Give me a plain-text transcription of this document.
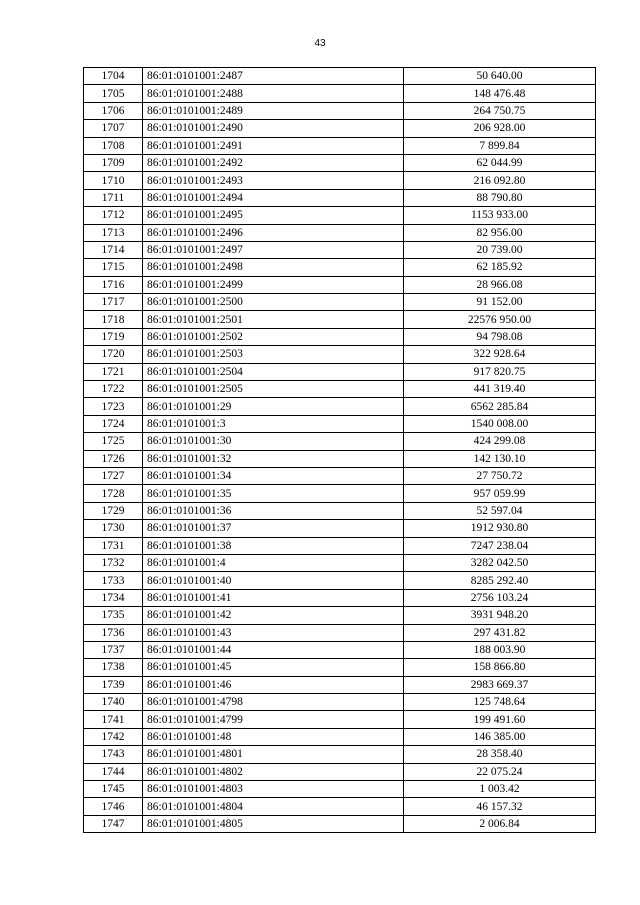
43
1704	86:01:0101001:2487	50 640.00
1705	86:01:0101001:2488	148 476.48
1706	86:01:0101001:2489	264 750.75
1707	86:01:0101001:2490	206 928.00
1708	86:01:0101001:2491	7 899.84
1709	86:01:0101001:2492	62 044.99
1710	86:01:0101001:2493	216 092.80
1711	86:01:0101001:2494	88 790.80
1712	86:01:0101001:2495	1153 933.00
1713	86:01:0101001:2496	82 956.00
1714	86:01:0101001:2497	20 739.00
1715	86:01:0101001:2498	62 185.92
1716	86:01:0101001:2499	28 966.08
1717	86:01:0101001:2500	91 152.00
1718	86:01:0101001:2501	22576 950.00
1719	86:01:0101001:2502	94 798.08
1720	86:01:0101001:2503	322 928.64
1721	86:01:0101001:2504	917 820.75
1722	86:01:0101001:2505	441 319.40
1723	86:01:0101001:29	6562 285.84
1724	86:01:0101001:3	1540 008.00
1725	86:01:0101001:30	424 299.08
1726	86:01:0101001:32	142 130.10
1727	86:01:0101001:34	27 750.72
1728	86:01:0101001:35	957 059.99
1729	86:01:0101001:36	52 597.04
1730	86:01:0101001:37	1912 930.80
1731	86:01:0101001:38	7247 238.04
1732	86:01:0101001:4	3282 042.50
1733	86:01:0101001:40	8285 292.40
1734	86:01:0101001:41	2756 103.24
1735	86:01:0101001:42	3931 948.20
1736	86:01:0101001:43	297 431.82
1737	86:01:0101001:44	188 003.90
1738	86:01:0101001:45	158 866.80
1739	86:01:0101001:46	2983 669.37
1740	86:01:0101001:4798	125 748.64
1741	86:01:0101001:4799	199 491.60
1742	86:01:0101001:48	146 385.00
1743	86:01:0101001:4801	28 358.40
1744	86:01:0101001:4802	22 075.24
1745	86:01:0101001:4803	1 003.42
1746	86:01:0101001:4804	46 157.32
1747	86:01:0101001:4805	2 006.84
